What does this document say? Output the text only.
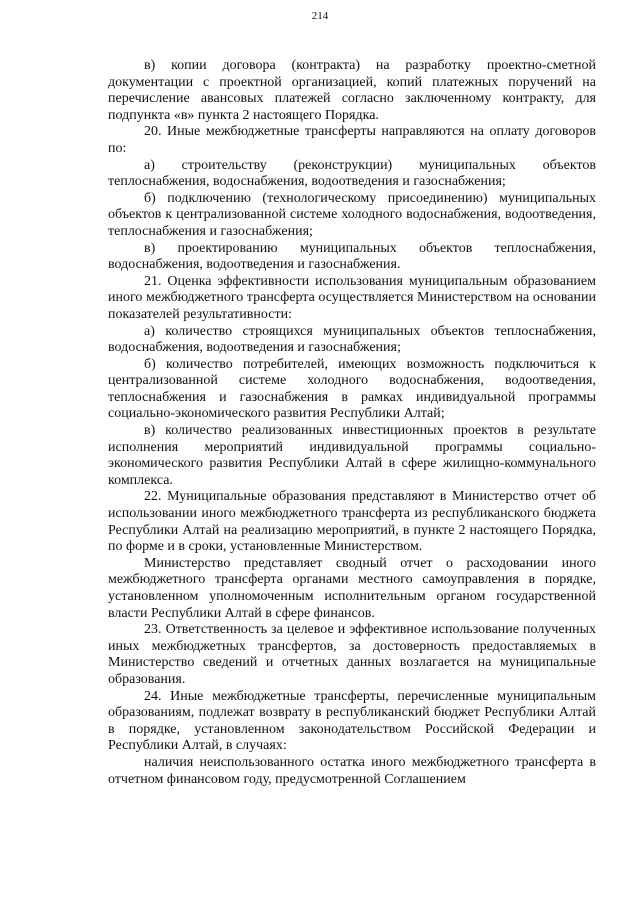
214

в) копии договора (контракта) на разработку проектно-сметной документации с проектной организацией, копий платежных поручений на перечисление авансовых платежей согласно заключенному контракту, для подпункта «в» пункта 2 настоящего Порядка.

20. Иные межбюджетные трансферты направляются на оплату договоров по:

а) строительству (реконструкции) муниципальных объектов теплоснабжения, водоснабжения, водоотведения и газоснабжения;

б) подключению (технологическому присоединению) муниципальных объектов к централизованной системе холодного водоснабжения, водоотведения, теплоснабжения и газоснабжения;

в) проектированию муниципальных объектов теплоснабжения, водоснабжения, водоотведения и газоснабжения.

21. Оценка эффективности использования муниципальным образованием иного межбюджетного трансферта осуществляется Министерством на основании показателей результативности:

а) количество строящихся муниципальных объектов теплоснабжения, водоснабжения, водоотведения и газоснабжения;

б) количество потребителей, имеющих возможность подключиться к централизованной системе холодного водоснабжения, водоотведения, теплоснабжения и газоснабжения в рамках индивидуальной программы социально-экономического развития Республики Алтай;

в) количество реализованных инвестиционных проектов в результате исполнения мероприятий индивидуальной программы социально-экономического развития Республики Алтай в сфере жилищно-коммунального комплекса.

22. Муниципальные образования представляют в Министерство отчет об использовании иного межбюджетного трансферта из республиканского бюджета Республики Алтай на реализацию мероприятий, в пункте 2 настоящего Порядка, по форме и в сроки, установленные Министерством.

Министерство представляет сводный отчет о расходовании иного межбюджетного трансферта органами местного самоуправления в порядке, установленном уполномоченным исполнительным органом государственной власти Республики Алтай в сфере финансов.

23. Ответственность за целевое и эффективное использование полученных иных межбюджетных трансфертов, за достоверность предоставляемых в Министерство сведений и отчетных данных возлагается на муниципальные образования.

24. Иные межбюджетные трансферты, перечисленные муниципальным образованиям, подлежат возврату в республиканский бюджет Республики Алтай в порядке, установленном законодательством Российской Федерации и Республики Алтай, в случаях:

наличия неиспользованного остатка иного межбюджетного трансферта в отчетном финансовом году, предусмотренной Соглашением
